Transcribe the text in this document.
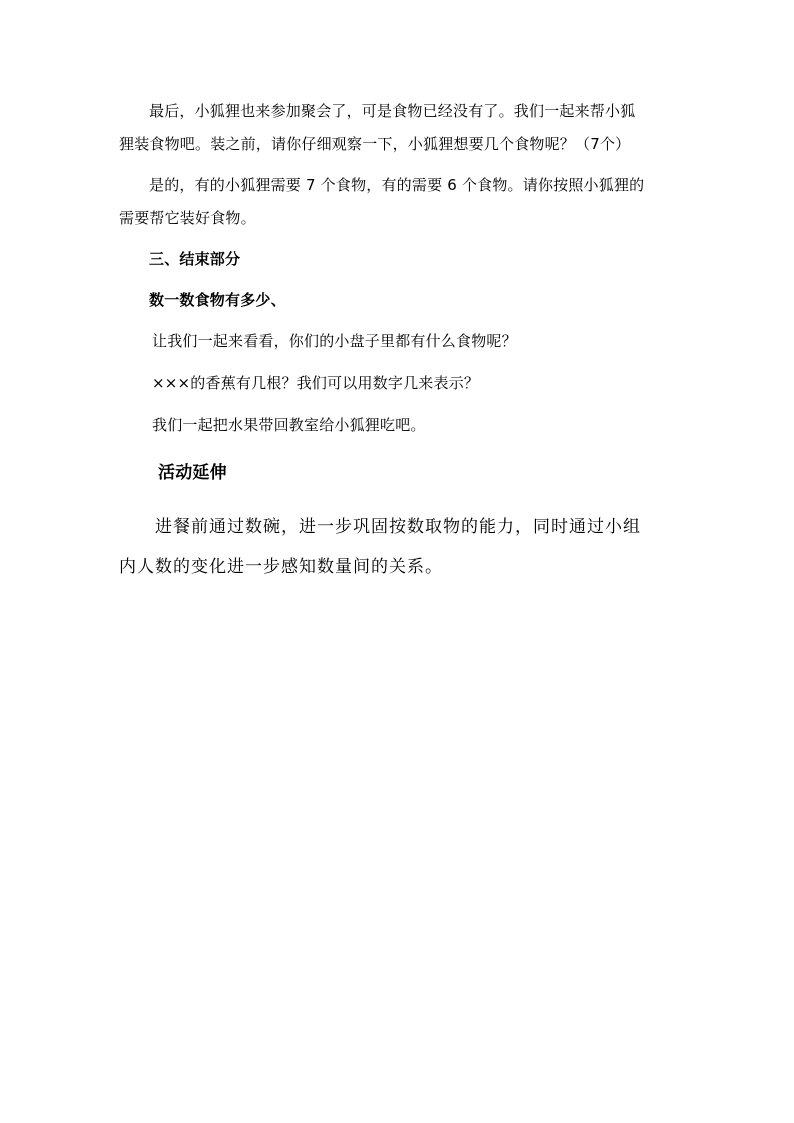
最后，小狐狸也来参加聚会了，可是食物已经没有了。我们一起来帮小狐
狸装食物吧。装之前，请你仔细观察一下，小狐狸想要几个食物呢？（7个）
是的，有的小狐狸需要 7 个食物，有的需要 6 个食物。请你按照小狐狸的
需要帮它装好食物。
三、结束部分
数一数食物有多少、
让我们一起来看看，你们的小盘子里都有什么食物呢？
×××的香蕉有几根？我们可以用数字几来表示？
我们一起把水果带回教室给小狐狸吃吧。
活动延伸
进餐前通过数碗，进一步巩固按数取物的能力，同时通过小组
内人数的变化进一步感知数量间的关系。
